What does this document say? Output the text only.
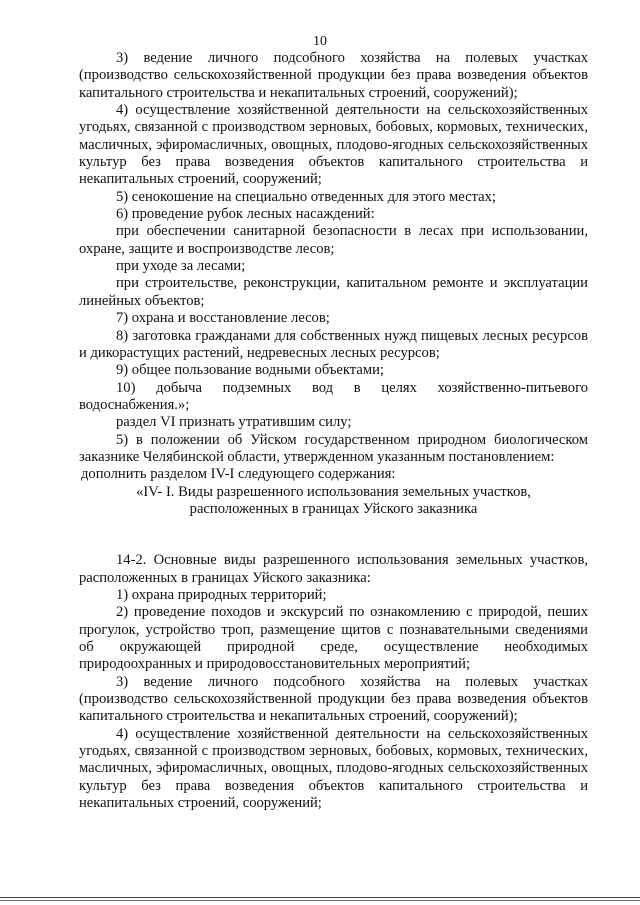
10

3) ведение личного подсобного хозяйства на полевых участках (производство сельскохозяйственной продукции без права возведения объектов капитального строительства и некапитальных строений, сооружений);

4) осуществление хозяйственной деятельности на сельскохозяйственных угодьях, связанной с производством зерновых, бобовых, кормовых, технических, масличных, эфиромасличных, овощных, плодово-ягодных сельскохозяйственных культур без права возведения объектов капитального строительства и некапитальных строений, сооружений;

5) сенокошение на специально отведенных для этого местах;

6) проведение рубок лесных насаждений:

при обеспечении санитарной безопасности в лесах при использовании, охране, защите и воспроизводстве лесов;

при уходе за лесами;

при строительстве, реконструкции, капитальном ремонте и эксплуатации линейных объектов;

7) охрана и восстановление лесов;

8) заготовка гражданами для собственных нужд пищевых лесных ресурсов и дикорастущих растений, недревесных лесных ресурсов;

9) общее пользование водными объектами;

10) добыча подземных вод в целях хозяйственно-питьевого водоснабжения.»;

раздел VI признать утратившим силу;

5) в положении об Уйском государственном природном биологическом заказнике Челябинской области, утвержденном указанным постановлением:

дополнить разделом IV-I следующего содержания:

«IV- I. Виды разрешенного использования земельных участков,

расположенных в границах Уйского заказника

14-2. Основные виды разрешенного использования земельных участков, расположенных в границах Уйского заказника:

1) охрана природных территорий;

2) проведение походов и экскурсий по ознакомлению с природой, пеших прогулок, устройство троп, размещение щитов с познавательными сведениями об окружающей природной среде, осуществление необходимых природоохранных и природовосстановительных мероприятий;

3) ведение личного подсобного хозяйства на полевых участках (производство сельскохозяйственной продукции без права возведения объектов капитального строительства и некапитальных строений, сооружений);

4) осуществление хозяйственной деятельности на сельскохозяйственных угодьях, связанной с производством зерновых, бобовых, кормовых, технических, масличных, эфиромасличных, овощных, плодово-ягодных сельскохозяйственных культур без права возведения объектов капитального строительства и некапитальных строений, сооружений;
